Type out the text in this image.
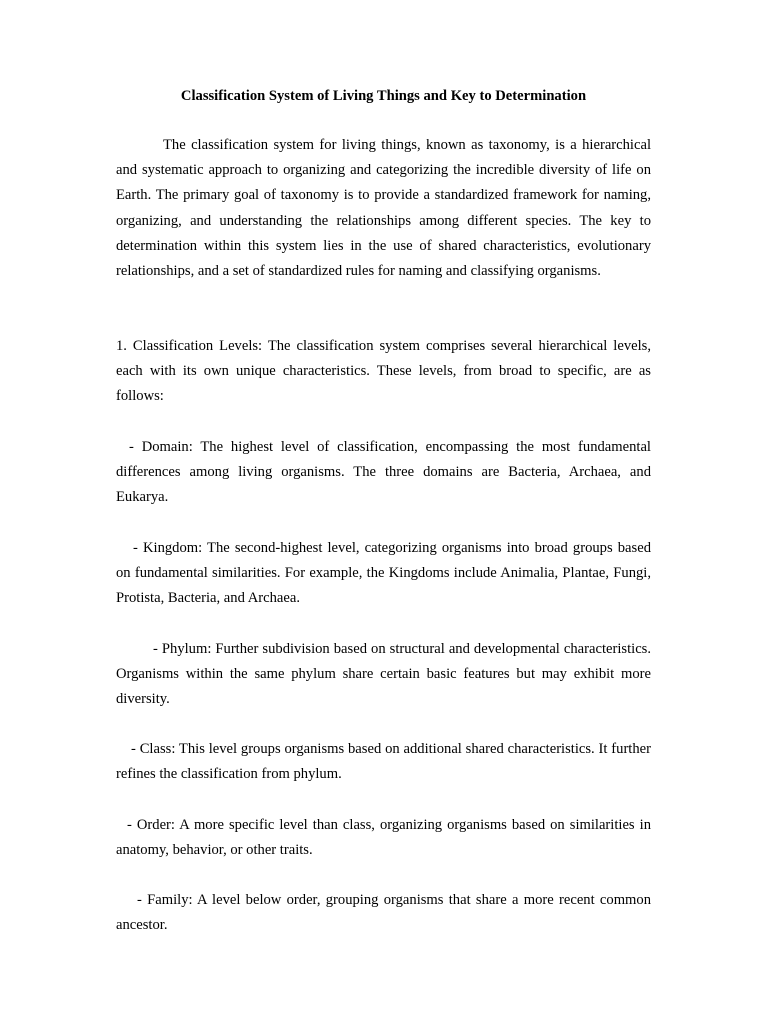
Classification System of Living Things and Key to Determination

The classification system for living things, known as taxonomy, is a hierarchical and systematic approach to organizing and categorizing the incredible diversity of life on Earth. The primary goal of taxonomy is to provide a standardized framework for naming, organizing, and understanding the relationships among different species. The key to determination within this system lies in the use of shared characteristics, evolutionary relationships, and a set of standardized rules for naming and classifying organisms.

1. Classification Levels: The classification system comprises several hierarchical levels, each with its own unique characteristics. These levels, from broad to specific, are as follows:

- Domain: The highest level of classification, encompassing the most fundamental differences among living organisms. The three domains are Bacteria, Archaea, and Eukarya.

- Kingdom: The second-highest level, categorizing organisms into broad groups based on fundamental similarities. For example, the Kingdoms include Animalia, Plantae, Fungi, Protista, Bacteria, and Archaea.

- Phylum: Further subdivision based on structural and developmental characteristics. Organisms within the same phylum share certain basic features but may exhibit more diversity.

- Class: This level groups organisms based on additional shared characteristics. It further refines the classification from phylum.

- Order: A more specific level than class, organizing organisms based on similarities in anatomy, behavior, or other traits.

- Family: A level below order, grouping organisms that share a more recent common ancestor.
